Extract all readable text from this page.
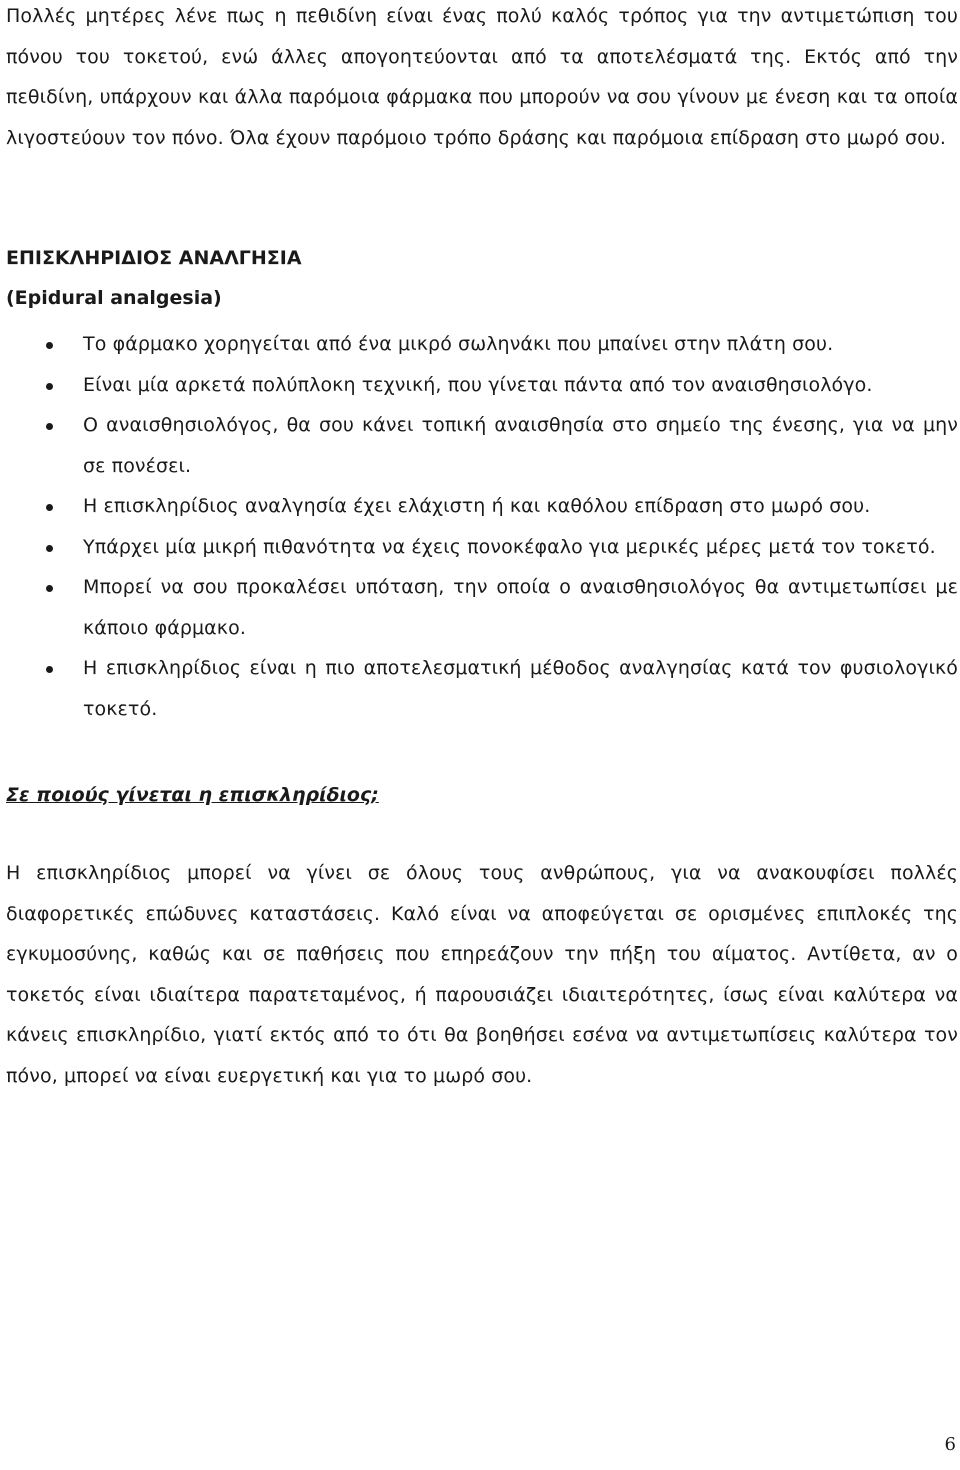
Πολλές μητέρες λένε πως η πεθιδίνη είναι ένας πολύ καλός τρόπος για την αντιμετώπιση του πόνου του τοκετού, ενώ άλλες απογοητεύονται από τα αποτελέσματά της. Εκτός από την πεθιδίνη, υπάρχουν και άλλα παρόμοια φάρμακα που μπορούν να σου γίνουν με ένεση και τα οποία λιγοστεύουν τον πόνο. Όλα έχουν παρόμοιο τρόπο δράσης και παρόμοια επίδραση στο μωρό σου.

ΕΠΙΣΚΛΗΡΙΔΙΟΣ ΑΝΑΛΓΗΣΙΑ
(Epidural analgesia)
Το φάρμακο χορηγείται από ένα μικρό σωληνάκι που μπαίνει στην πλάτη σου.
Είναι μία αρκετά πολύπλοκη τεχνική, που γίνεται πάντα από τον αναισθησιολόγο.
Ο αναισθησιολόγος, θα σου κάνει τοπική αναισθησία στο σημείο της ένεσης, για να μην σε πονέσει.
Η επισκληρίδιος αναλγησία έχει ελάχιστη ή και καθόλου επίδραση στο μωρό σου.
Υπάρχει μία μικρή πιθανότητα να έχεις πονοκέφαλο για μερικές μέρες μετά τον τοκετό.
Μπορεί να σου προκαλέσει υπόταση, την οποία ο αναισθησιολόγος θα αντιμετωπίσει με κάποιο φάρμακο.
Η επισκληρίδιος είναι η πιο αποτελεσματική μέθοδος αναλγησίας κατά τον φυσιολογικό τοκετό.
Σε ποιούς γίνεται η επισκληρίδιος;

Η επισκληρίδιος μπορεί να γίνει σε όλους τους ανθρώπους, για να ανακουφίσει πολλές διαφορετικές επώδυνες καταστάσεις. Καλό είναι να αποφεύγεται σε ορισμένες επιπλοκές της εγκυμοσύνης, καθώς και σε παθήσεις που επηρεάζουν την πήξη του αίματος. Αντίθετα, αν ο τοκετός είναι ιδιαίτερα παρατεταμένος, ή παρουσιάζει ιδιαιτερότητες, ίσως είναι καλύτερα να κάνεις επισκληρίδιο, γιατί εκτός από το ότι θα βοηθήσει εσένα να αντιμετωπίσεις καλύτερα τον πόνο, μπορεί να είναι ευεργετική και για το μωρό σου.

6
